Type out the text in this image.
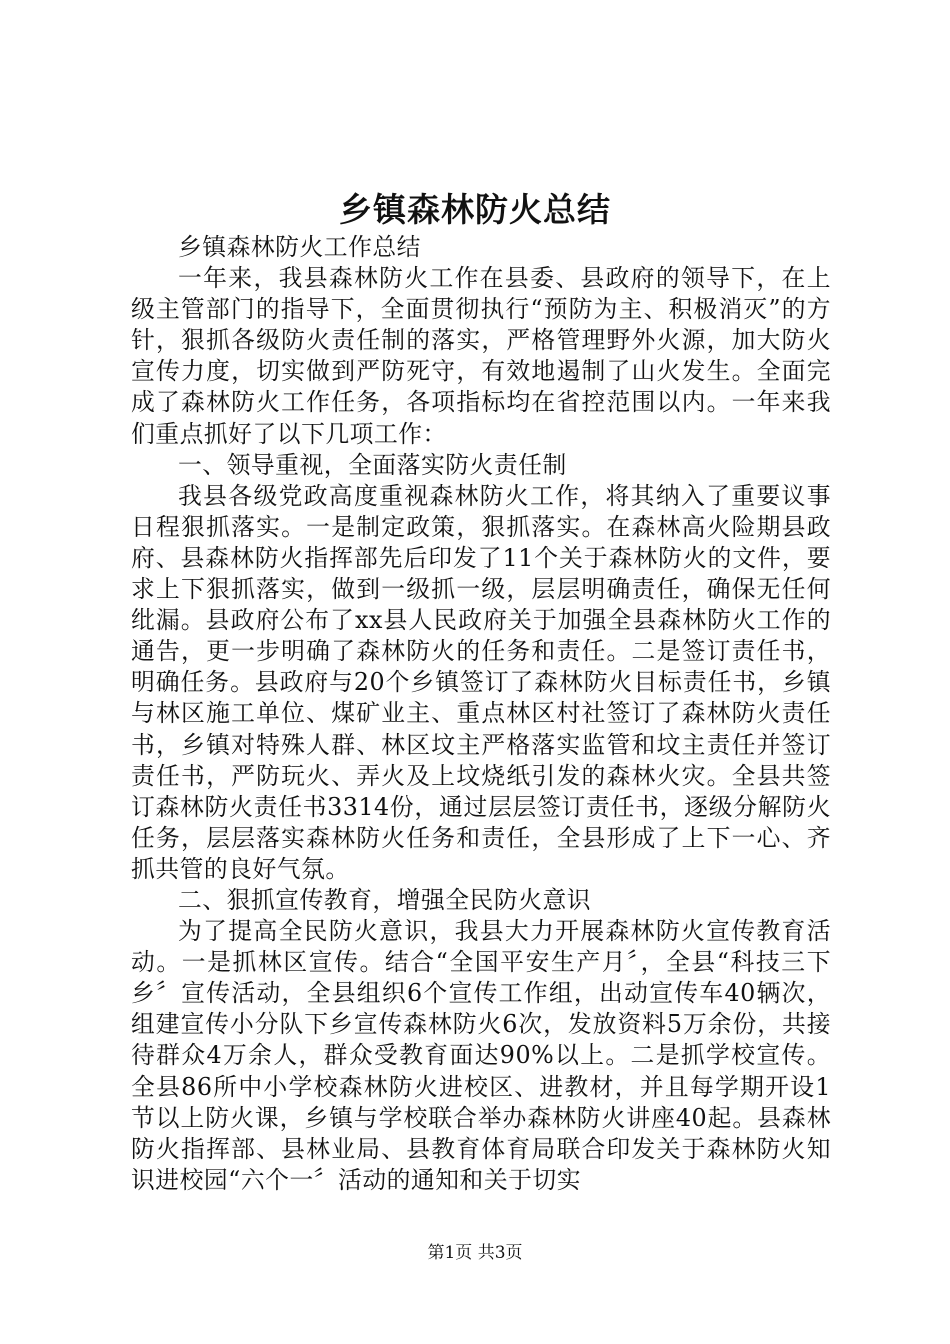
乡镇森林防火总结

乡镇森林防火工作总结

一年来，我县森林防火工作在县委、县政府的领导下，在上级主管部门的指导下，全面贯彻执行“预防为主、积极消灭”的方针，狠抓各级防火责任制的落实，严格管理野外火源，加大防火宣传力度，切实做到严防死守，有效地遏制了山火发生。全面完成了森林防火工作任务，各项指标均在省控范围以内。一年来我们重点抓好了以下几项工作：

一、领导重视，全面落实防火责任制

我县各级党政高度重视森林防火工作，将其纳入了重要议事日程狠抓落实。一是制定政策，狠抓落实。在森林高火险期县政府、县森林防火指挥部先后印发了11个关于森林防火的文件，要求上下狠抓落实，做到一级抓一级，层层明确责任，确保无任何纰漏。县政府公布了xx县人民政府关于加强全县森林防火工作的通告，更一步明确了森林防火的任务和责任。二是签订责任书，明确任务。县政府与20个乡镇签订了森林防火目标责任书，乡镇与林区施工单位、煤矿业主、重点林区村社签订了森林防火责任书，乡镇对特殊人群、林区坟主严格落实监管和坟主责任并签订责任书，严防玩火、弄火及上坟烧纸引发的森林火灾。全县共签订森林防火责任书3314份，通过层层签订责任书，逐级分解防火任务，层层落实森林防火任务和责任，全县形成了上下一心、齐抓共管的良好气氛。

二、狠抓宣传教育，增强全民防火意识

为了提高全民防火意识，我县大力开展森林防火宣传教育活动。一是抓林区宣传。结合“全国平安生产月〞，全县“科技三下乡〞宣传活动，全县组织6个宣传工作组，出动宣传车40辆次，组建宣传小分队下乡宣传森林防火6次，发放资料5万余份，共接待群众4万余人，群众受教育面达90%以上。二是抓学校宣传。全县86所中小学校森林防火进校区、进教材，并且每学期开设1节以上防火课，乡镇与学校联合举办森林防火讲座40起。县森林防火指挥部、县林业局、县教育体育局联合印发关于森林防火知识进校园“六个一〞活动的通知和关于切实

第1页 共3页
